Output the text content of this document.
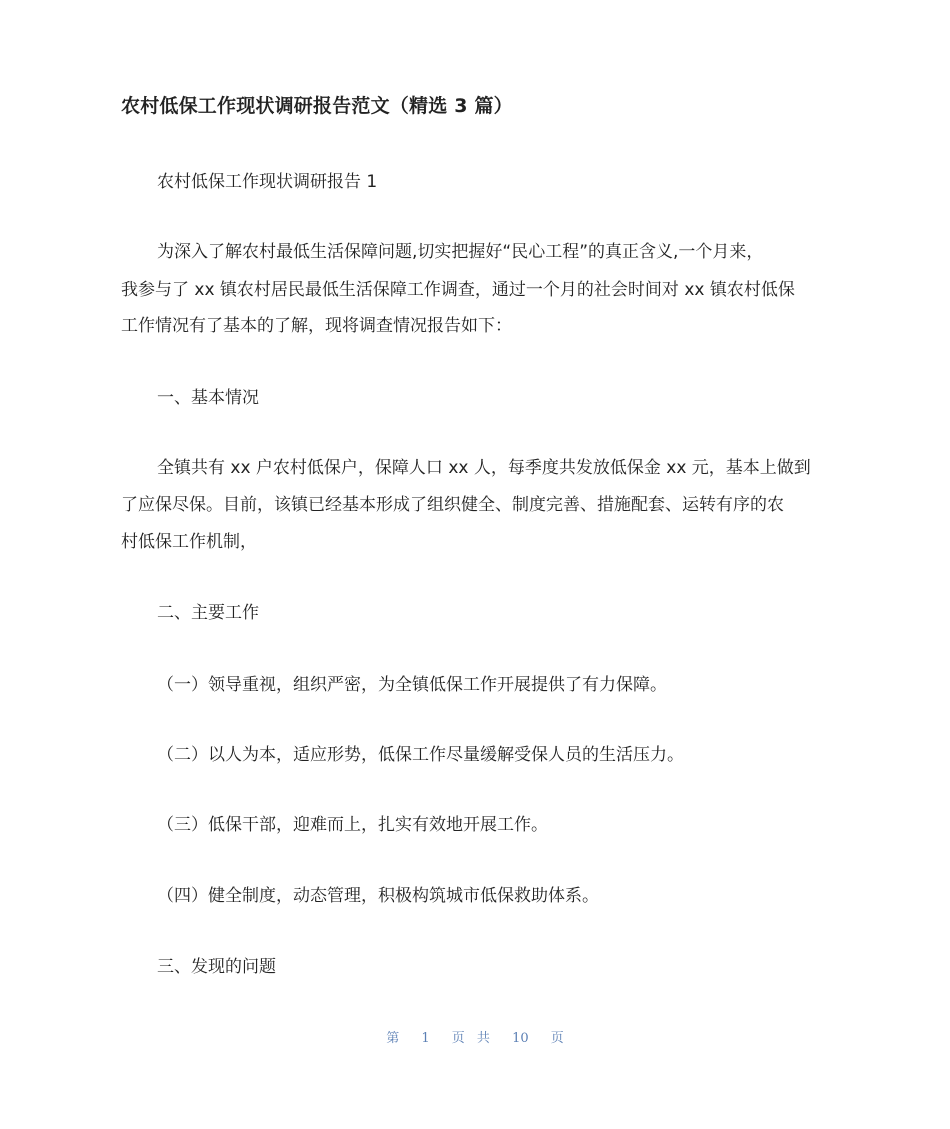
农村低保工作现状调研报告范文（精选 3 篇）

农村低保工作现状调研报告 1

为深入了解农村最低生活保障问题,切实把握好“民心工程”的真正含义,一个月来，

我参与了 xx 镇农村居民最低生活保障工作调查，通过一个月的社会时间对 xx 镇农村低保

工作情况有了基本的了解，现将调查情况报告如下：

一、基本情况

全镇共有 xx 户农村低保户，保障人口 xx 人，每季度共发放低保金 xx 元，基本上做到

了应保尽保。目前，该镇已经基本形成了组织健全、制度完善、措施配套、运转有序的农

村低保工作机制，

二、主要工作

（一）领导重视，组织严密，为全镇低保工作开展提供了有力保障。

（二）以人为本，适应形势，低保工作尽量缓解受保人员的生活压力。

（三）低保干部，迎难而上，扎实有效地开展工作。

（四）健全制度，动态管理，积极构筑城市低保救助体系。

三、发现的问题

第 1 页 共 10 页
